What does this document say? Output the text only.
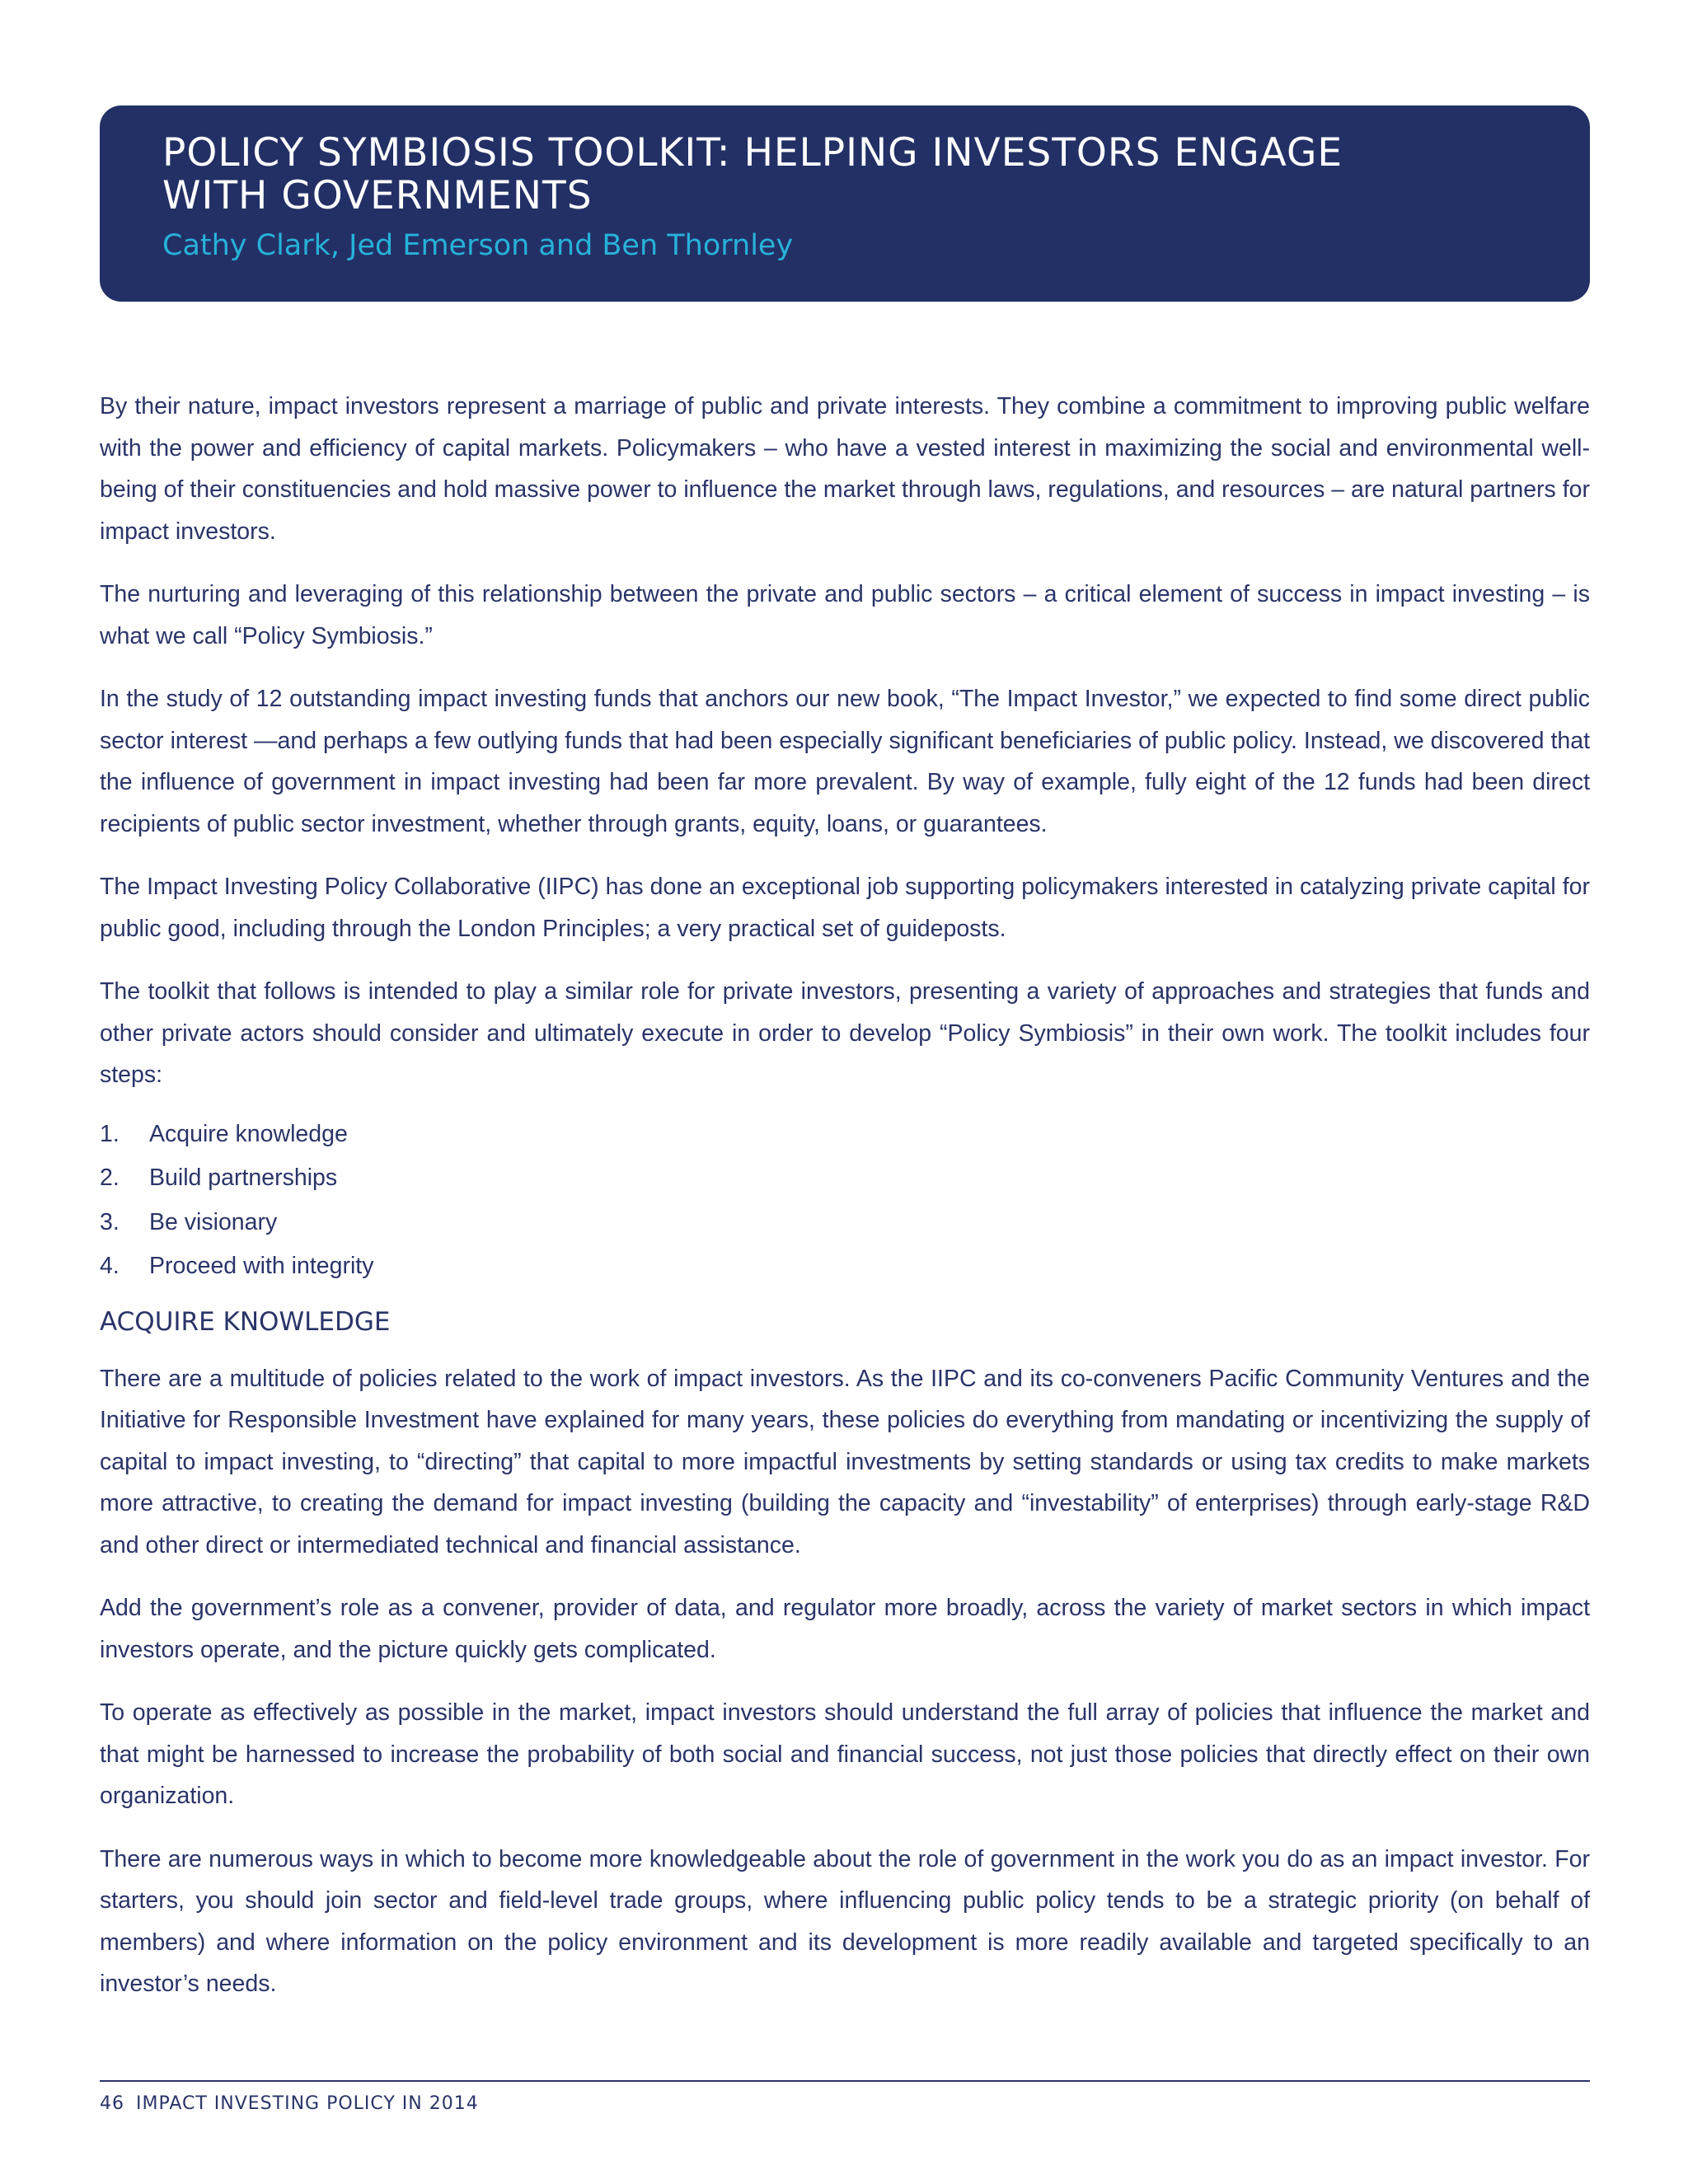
POLICY SYMBIOSIS TOOLKIT: HELPING INVESTORS ENGAGE
WITH GOVERNMENTS
Cathy Clark, Jed Emerson and Ben Thornley

By their nature, impact investors represent a marriage of public and private interests. They combine a commitment to improving public welfare with the power and efficiency of capital markets. Policymakers – who have a vested interest in maximizing the social and environmental well-being of their constituencies and hold massive power to influence the market through laws, regulations, and resources – are natural partners for impact investors.

The nurturing and leveraging of this relationship between the private and public sectors – a critical element of success in impact investing – is what we call “Policy Symbiosis.”

In the study of 12 outstanding impact investing funds that anchors our new book, “The Impact Investor,” we expected to find some direct public sector interest —and perhaps a few outlying funds that had been especially significant beneficiaries of public policy. Instead, we discovered that the influence of government in impact investing had been far more prevalent. By way of example, fully eight of the 12 funds had been direct recipients of public sector investment, whether through grants, equity, loans, or guarantees.

The Impact Investing Policy Collaborative (IIPC) has done an exceptional job supporting policymakers interested in catalyzing private capital for public good, including through the London Principles; a very practical set of guideposts.

The toolkit that follows is intended to play a similar role for private investors, presenting a variety of approaches and strategies that funds and other private actors should consider and ultimately execute in order to develop “Policy Symbiosis” in their own work. The toolkit includes four steps:

1.	Acquire knowledge
2.	Build partnerships
3.	Be visionary
4.	Proceed with integrity
ACQUIRE KNOWLEDGE

There are a multitude of policies related to the work of impact investors. As the IIPC and its co-conveners Pacific Community Ventures and the Initiative for Responsible Investment have explained for many years, these policies do everything from mandating or incentivizing the supply of capital to impact investing, to “directing” that capital to more impactful investments by setting standards or using tax credits to make markets more attractive, to creating the demand for impact investing (building the capacity and “investability” of enterprises) through early-stage R&D and other direct or intermediated technical and financial assistance.

Add the government’s role as a convener, provider of data, and regulator more broadly, across the variety of market sectors in which impact investors operate, and the picture quickly gets complicated.

To operate as effectively as possible in the market, impact investors should understand the full array of policies that influence the market and that might be harnessed to increase the probability of both social and financial success, not just those policies that directly effect on their own organization.

There are numerous ways in which to become more knowledgeable about the role of government in the work you do as an impact investor. For starters, you should join sector and field-level trade groups, where influencing public policy tends to be a strategic priority (on behalf of members) and where information on the policy environment and its development is more readily available and targeted specifically to an investor’s needs.

46 IMPACT INVESTING POLICY IN 2014
